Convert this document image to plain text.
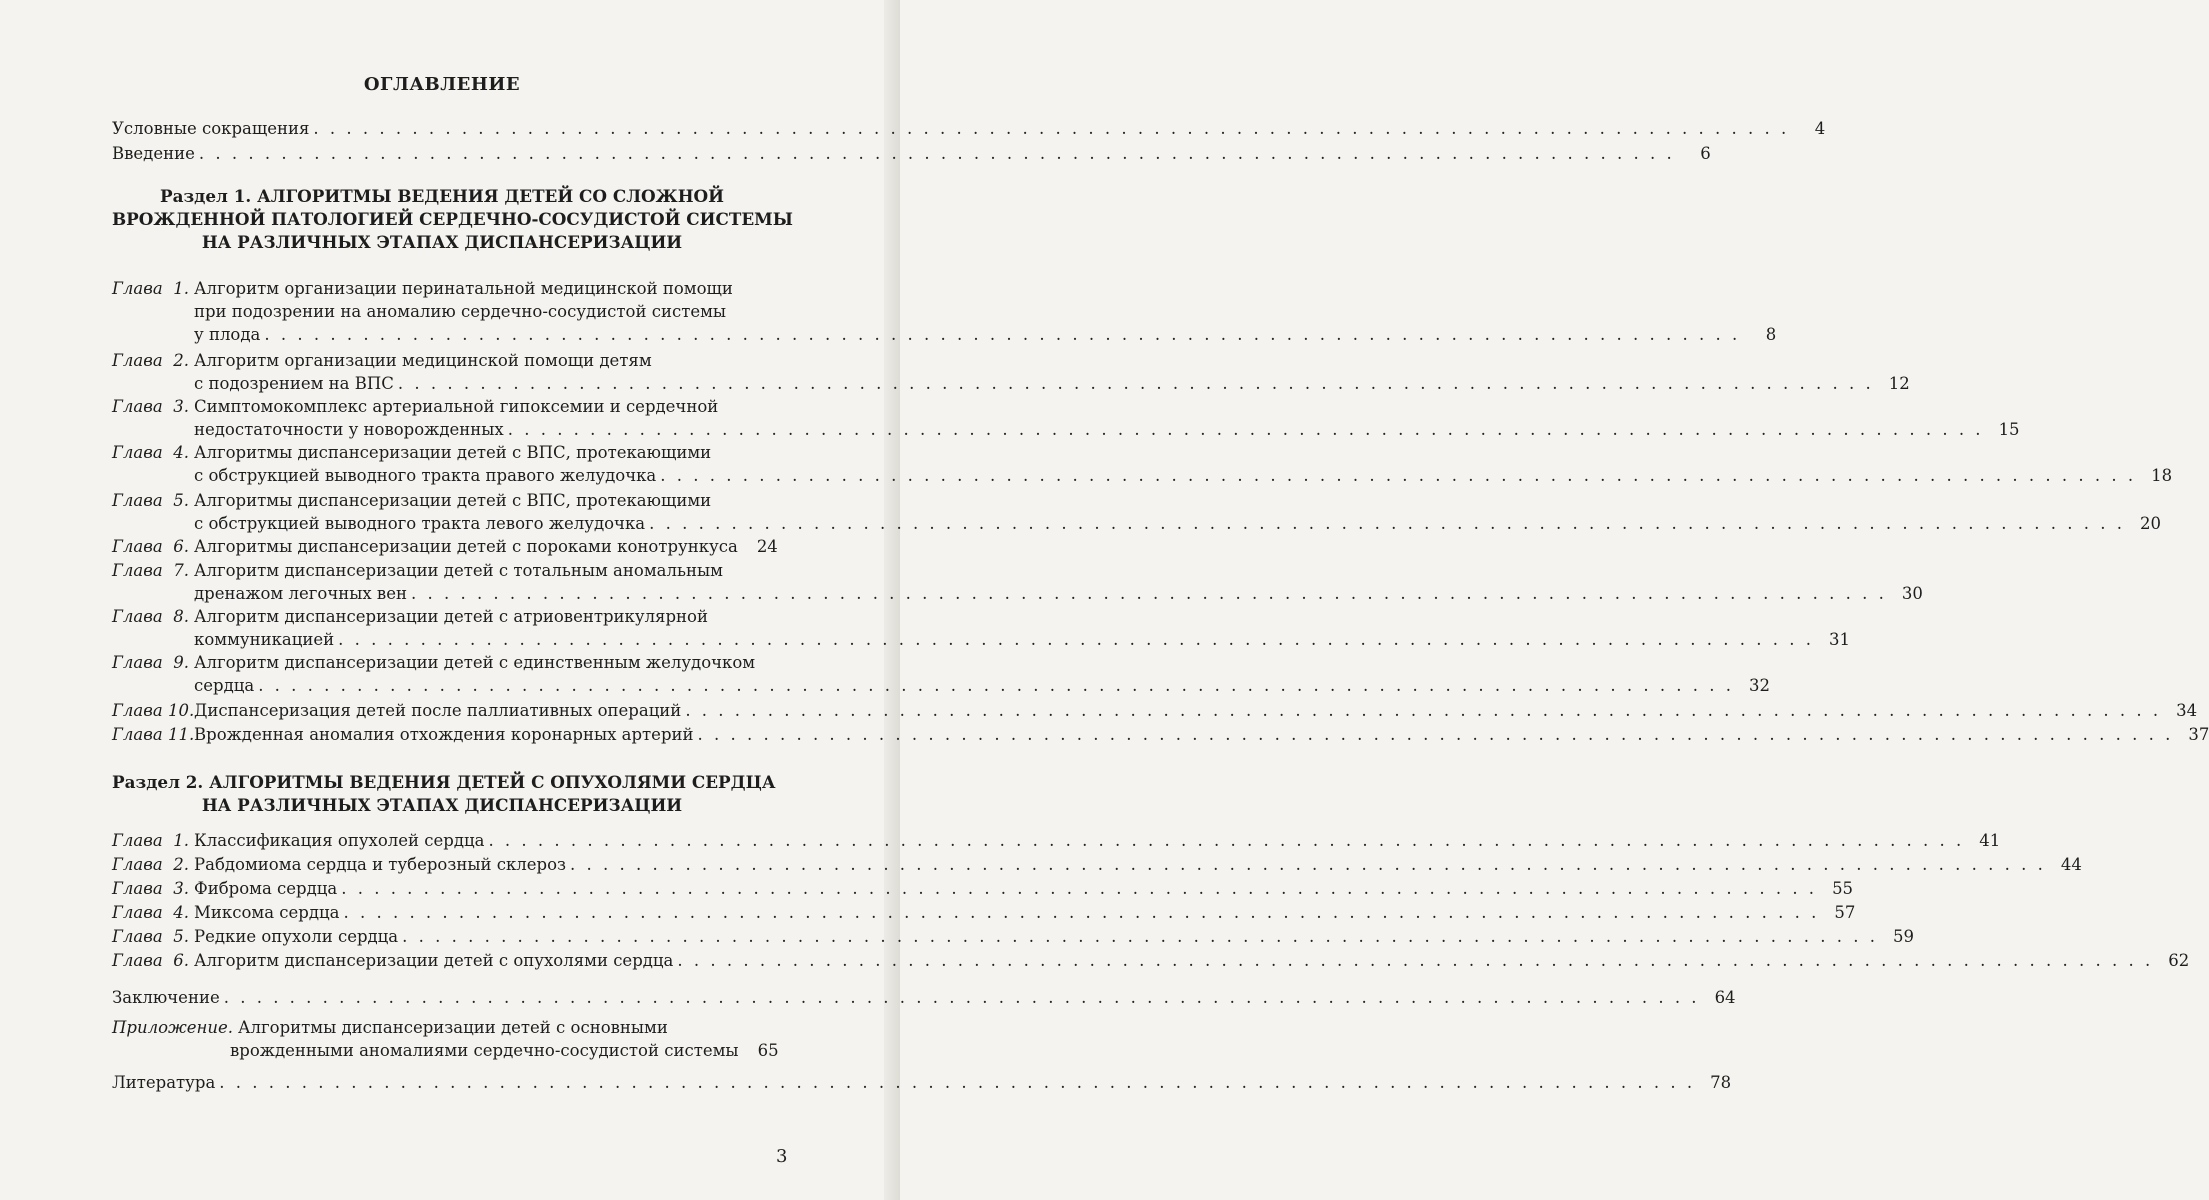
ОГЛАВЛЕНИЕ
Условные сокращения . . . . . . . . . . . . . . . . . . . . . . . . . . . . . . . . . . . . . . . . . . . . . . . . . . . . . . . . . . . . . . . . . . . . . . . . . . . . . . . . . . . . . . . . . .	4
Введение . . . . . . . . . . . . . . . . . . . . . . . . . . . . . . . . . . . . . . . . . . . . . . . . . . . . . . . . . . . . . . . . . . . . . . . . . . . . . . . . . . . . . . . . . .	6
Раздел 1. АЛГОРИТМЫ ВЕДЕНИЯ ДЕТЕЙ СО СЛОЖНОЙ
ВРОЖДЕННОЙ ПАТОЛОГИЕЙ СЕРДЕЧНО-СОСУДИСТОЙ СИСТЕМЫ
НА РАЗЛИЧНЫХ ЭТАПАХ ДИСПАНСЕРИЗАЦИИ
Глава  1. Алгоритм организации перинатальной медицинской помощи
при подозрении на аномалию сердечно-сосудистой системы
у плода . . . . . . . . . . . . . . . . . . . . . . . . . . . . . . . . . . . . . . . . . . . . . . . . . . . . . . . . . . . . . . . . . . . . . . . . . . . . . . . . . . . . . . . . . .	8
Глава  2. Алгоритм организации медицинской помощи детям
с подозрением на ВПС . . . . . . . . . . . . . . . . . . . . . . . . . . . . . . . . . . . . . . . . . . . . . . . . . . . . . . . . . . . . . . . . . . . . . . . . . . . . . . . . . . . . . . . . . . 12
Глава  3. Симптомокомплекс артериальной гипоксемии и сердечной
недостаточности у новорожденных . . . . . . . . . . . . . . . . . . . . . . . . . . . . . . . . . . . . . . . . . . . . . . . . . . . . . . . . . . . . . . . . . . . . . . . . . . . . . . . . . . . . . . . . . . 15
Глава  4. Алгоритмы диспансеризации детей с ВПС, протекающими
с обструкцией выводного тракта правого желудочка . . . . . . . . . . . . . . . . . . . . . . . . . . . . . . . . . . . . . . . . . . . . . . . . . . . . . . . . . . . . . . . . . . . . . . . . . . . . . . . . . . . . . . . . . . 18
Глава  5. Алгоритмы диспансеризации детей с ВПС, протекающими
с обструкцией выводного тракта левого желудочка . . . . . . . . . . . . . . . . . . . . . . . . . . . . . . . . . . . . . . . . . . . . . . . . . . . . . . . . . . . . . . . . . . . . . . . . . . . . . . . . . . . . . . . . . . 20
Глава  6. Алгоритмы диспансеризации детей с пороками конотрункуса	24
Глава  7. Алгоритм диспансеризации детей с тотальным аномальным
дренажом легочных вен . . . . . . . . . . . . . . . . . . . . . . . . . . . . . . . . . . . . . . . . . . . . . . . . . . . . . . . . . . . . . . . . . . . . . . . . . . . . . . . . . . . . . . . . . . 30
Глава  8. Алгоритм диспансеризации детей с атриовентрикулярной
коммуникацией . . . . . . . . . . . . . . . . . . . . . . . . . . . . . . . . . . . . . . . . . . . . . . . . . . . . . . . . . . . . . . . . . . . . . . . . . . . . . . . . . . . . . . . . . . 31
Глава  9. Алгоритм диспансеризации детей с единственным желудочком
сердца . . . . . . . . . . . . . . . . . . . . . . . . . . . . . . . . . . . . . . . . . . . . . . . . . . . . . . . . . . . . . . . . . . . . . . . . . . . . . . . . . . . . . . . . . . 32
Глава 10. Диспансеризация детей после паллиативных операций . . . . . . . . . . . . . . . . . . . . . . . . . . . . . . . . . . . . . . . . . . . . . . . . . . . . . . . . . . . . . . . . . . . . . . . . . . . . . . . . . . . . . . . . . . 34
Глава 11. Врожденная аномалия отхождения коронарных артерий . . . . . . . . . . . . . . . . . . . . . . . . . . . . . . . . . . . . . . . . . . . . . . . . . . . . . . . . . . . . . . . . . . . . . . . . . . . . . . . . . . . . . . . . . . 37
Раздел 2. АЛГОРИТМЫ ВЕДЕНИЯ ДЕТЕЙ С ОПУХОЛЯМИ СЕРДЦА
НА РАЗЛИЧНЫХ ЭТАПАХ ДИСПАНСЕРИЗАЦИИ
Глава  1. Классификация опухолей сердца . . . . . . . . . . . . . . . . . . . . . . . . . . . . . . . . . . . . . . . . . . . . . . . . . . . . . . . . . . . . . . . . . . . . . . . . . . . . . . . . . . . . . . . . . . 41
Глава  2. Рабдомиома сердца и туберозный склероз . . . . . . . . . . . . . . . . . . . . . . . . . . . . . . . . . . . . . . . . . . . . . . . . . . . . . . . . . . . . . . . . . . . . . . . . . . . . . . . . . . . . . . . . . . 44
Глава  3. Фиброма сердца . . . . . . . . . . . . . . . . . . . . . . . . . . . . . . . . . . . . . . . . . . . . . . . . . . . . . . . . . . . . . . . . . . . . . . . . . . . . . . . . . . . . . . . . . . 55
Глава  4. Миксома сердца . . . . . . . . . . . . . . . . . . . . . . . . . . . . . . . . . . . . . . . . . . . . . . . . . . . . . . . . . . . . . . . . . . . . . . . . . . . . . . . . . . . . . . . . . . 57
Глава  5. Редкие опухоли сердца . . . . . . . . . . . . . . . . . . . . . . . . . . . . . . . . . . . . . . . . . . . . . . . . . . . . . . . . . . . . . . . . . . . . . . . . . . . . . . . . . . . . . . . . . . 59
Глава  6. Алгоритм диспансеризации детей с опухолями сердца . . . . . . . . . . . . . . . . . . . . . . . . . . . . . . . . . . . . . . . . . . . . . . . . . . . . . . . . . . . . . . . . . . . . . . . . . . . . . . . . . . . . . . . . . . 62
Заключение . . . . . . . . . . . . . . . . . . . . . . . . . . . . . . . . . . . . . . . . . . . . . . . . . . . . . . . . . . . . . . . . . . . . . . . . . . . . . . . . . . . . . . . . . . 64
Приложение. Алгоритмы диспансеризации детей с основными
врожденными аномалиями сердечно-сосудистой системы	65
Литература . . . . . . . . . . . . . . . . . . . . . . . . . . . . . . . . . . . . . . . . . . . . . . . . . . . . . . . . . . . . . . . . . . . . . . . . . . . . . . . . . . . . . . . . . . 78
3
